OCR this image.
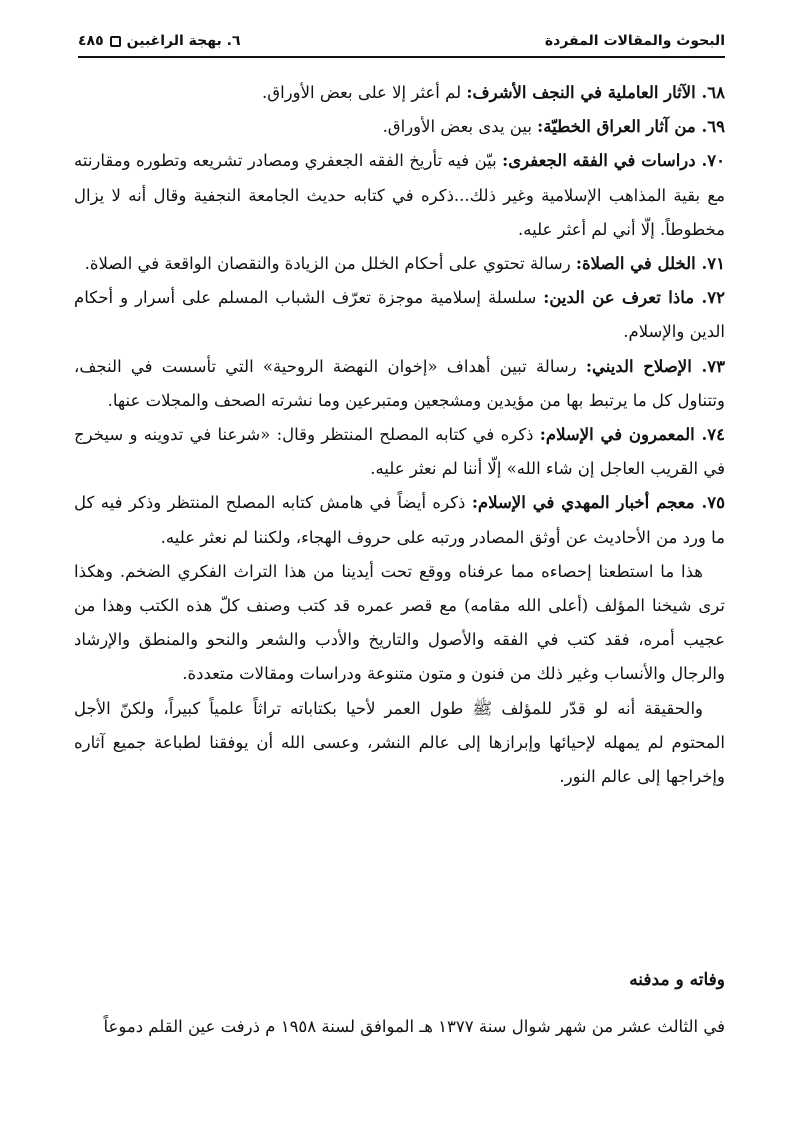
البحوث والمقالات المفردة
٦. بهجة الراغبين
٤٨٥

٦٨. الآثار العاملية في النجف الأشرف: لم أعثر إلا على بعض الأوراق.

٦٩. من آثار العراق الخطيّة: بين يدى بعض الأوراق.

٧٠. دراسات في الفقه الجعفرى: بيّن فيه تأريخ الفقه الجعفري ومصادر تشريعه وتطوره ومقارنته مع بقية المذاهب الإسلامية وغير ذلك...ذكره في كتابه حديث الجامعة النجفية وقال أنه لا يزال مخطوطاً. إلّا أني لم أعثر عليه.

٧١. الخلل في الصلاة: رسالة تحتوي على أحكام الخلل من الزيادة والنقصان الواقعة في الصلاة.

٧٢. ماذا تعرف عن الدين: سلسلة إسلامية موجزة تعرّف الشباب المسلم على أسرار و أحكام الدين والإسلام.

٧٣. الإصلاح الديني: رسالة تبين أهداف «إخوان النهضة الروحية» التي تأسست في النجف، وتتناول كل ما يرتبط بها من مؤيدين ومشجعين ومتبرعين وما نشرته الصحف والمجلات عنها.

٧٤. المعمرون في الإسلام: ذكره في كتابه المصلح المنتظر وقال: «شرعنا في تدوينه و سيخرج في القريب العاجل إن شاء الله» إلّا أننا لم نعثر عليه.

٧٥. معجم أخبار المهدي في الإسلام: ذكره أيضاً في هامش كتابه المصلح المنتظر وذكر فيه كل ما ورد من الأحاديث عن أوثق المصادر ورتبه على حروف الهجاء، ولكننا لم نعثر عليه.

هذا ما استطعنا إحصاءه مما عرفناه ووقع تحت أيدينا من هذا التراث الفكري الضخم. وهكذا ترى شيخنا المؤلف (أعلى الله مقامه) مع قصر عمره قد كتب وصنف كلّ هذه الكتب وهذا من عجيب أمره، فقد كتب في الفقه والأصول والتاريخ والأدب والشعر والنحو والمنطق والإرشاد والرجال والأنساب وغير ذلك من فنون و متون متنوعة ودراسات ومقالات متعددة.

والحقيقة أنه لو قدّر للمؤلف ﷺ طول العمر لأحيا بكتاباته تراثاً علمياً كبيراً، ولكنّ الأجل المحتوم لم يمهله لإحيائها وإبرازها إلى عالم النشر، وعسى الله أن يوفقنا لطباعة جميع آثاره وإخراجها إلى عالم النور.

وفاته و مدفنه
في الثالث عشر من شهر شوال سنة ١٣٧٧ هـ الموافق لسنة ١٩٥٨ م ذرفت عين القلم دموعاً
